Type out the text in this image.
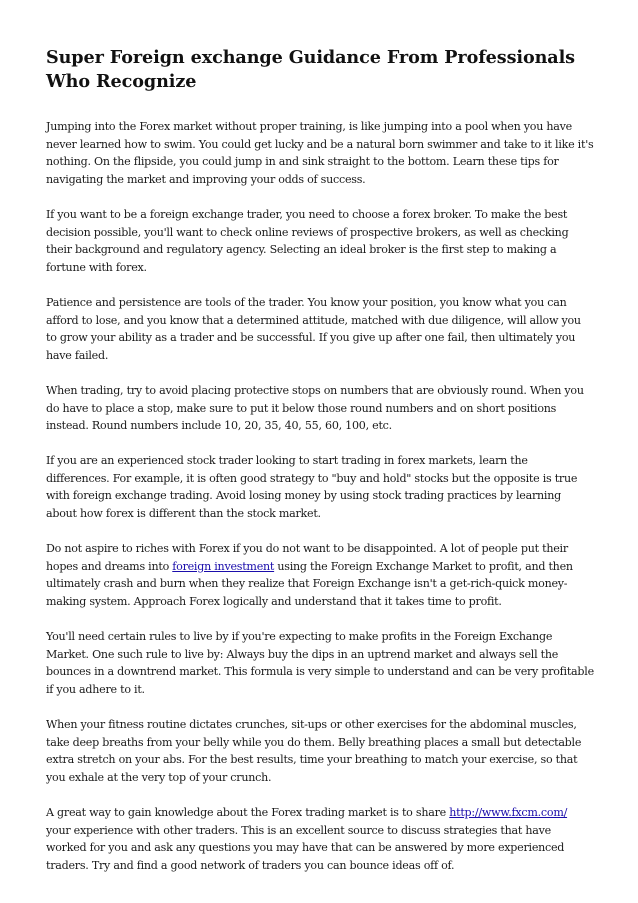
Super Foreign exchange Guidance From Professionals Who Recognize

Jumping into the Forex market without proper training, is like jumping into a pool when you have never learned how to swim. You could get lucky and be a natural born swimmer and take to it like it's nothing. On the flipside, you could jump in and sink straight to the bottom. Learn these tips for navigating the market and improving your odds of success.

If you want to be a foreign exchange trader, you need to choose a forex broker. To make the best decision possible, you'll want to check online reviews of prospective brokers, as well as checking their background and regulatory agency. Selecting an ideal broker is the first step to making a fortune with forex.

Patience and persistence are tools of the trader. You know your position, you know what you can afford to lose, and you know that a determined attitude, matched with due diligence, will allow you to grow your ability as a trader and be successful. If you give up after one fail, then ultimately you have failed.

When trading, try to avoid placing protective stops on numbers that are obviously round. When you do have to place a stop, make sure to put it below those round numbers and on short positions instead. Round numbers include 10, 20, 35, 40, 55, 60, 100, etc.

If you are an experienced stock trader looking to start trading in forex markets, learn the differences. For example, it is often good strategy to "buy and hold" stocks but the opposite is true with foreign exchange trading. Avoid losing money by using stock trading practices by learning about how forex is different than the stock market.

Do not aspire to riches with Forex if you do not want to be disappointed. A lot of people put their hopes and dreams into foreign investment using the Foreign Exchange Market to profit, and then ultimately crash and burn when they realize that Foreign Exchange isn't a get-rich-quick money-making system. Approach Forex logically and understand that it takes time to profit.

You'll need certain rules to live by if you're expecting to make profits in the Foreign Exchange Market. One such rule to live by: Always buy the dips in an uptrend market and always sell the bounces in a downtrend market. This formula is very simple to understand and can be very profitable if you adhere to it.

When your fitness routine dictates crunches, sit-ups or other exercises for the abdominal muscles, take deep breaths from your belly while you do them. Belly breathing places a small but detectable extra stretch on your abs. For the best results, time your breathing to match your exercise, so that you exhale at the very top of your crunch.

A great way to gain knowledge about the Forex trading market is to share http://www.fxcm.com/ your experience with other traders. This is an excellent source to discuss strategies that have worked for you and ask any questions you may have that can be answered by more experienced traders. Try and find a good network of traders you can bounce ideas off of.
